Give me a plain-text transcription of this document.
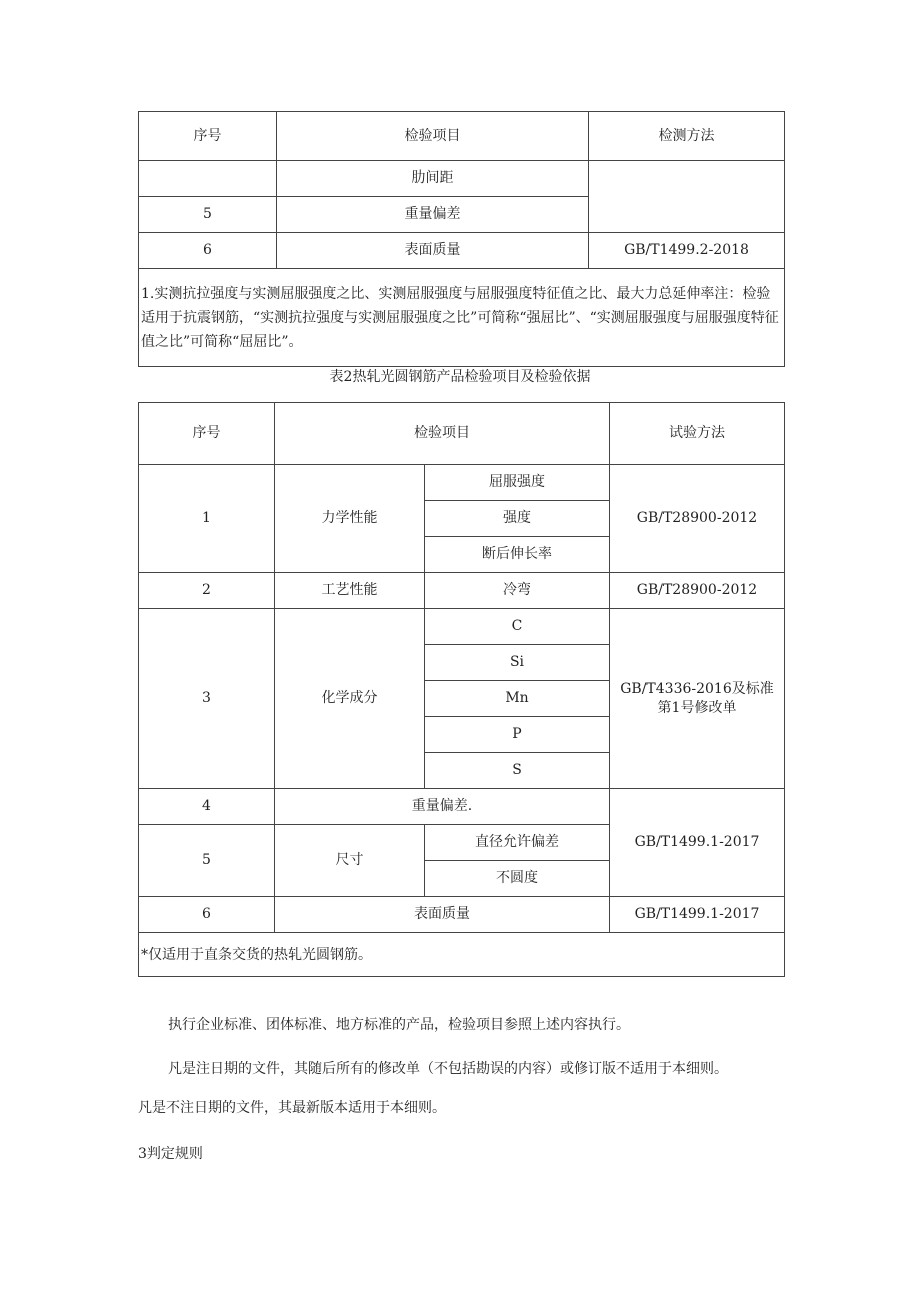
序号	检验项目	检测方法
	肋间距	
5	重量偏差	
6	表面质量	GB/T1499.2-2018
1.实测抗拉强度与实测屈服强度之比、实测屈服强度与屈服强度特征值之比、最大力总延伸率注：检验适用于抗震钢筋，“实测抗拉强度与实测屈服强度之比”可简称“强屈比”、“实测屈服强度与屈服强度特征值之比”可简称“屈屈比”。		
表2热轧光圆钢筋产品检验项目及检验依据
序号	检验项目		试验方法
1	力学性能	屈服强度	GB/T28900-2012
		强度	
		断后伸长率	
2	工艺性能	冷弯	GB/T28900-2012
3	化学成分	C	GB/T4336-2016及标准第1号修改单
		Si	
		Mn	
		P	
		S	
4	重量偏差.		GB/T1499.1-2017
5	尺寸	直径允许偏差	
		不圆度	
6	表面质量		GB/T1499.1-2017
*仅适用于直条交货的热轧光圆钢筋。			
执行企业标准、团体标准、地方标准的产品，检验项目参照上述内容执行。
凡是注日期的文件，其随后所有的修改单（不包括勘误的内容）或修订版不适用于本细则。
凡是不注日期的文件，其最新版本适用于本细则。
3判定规则
